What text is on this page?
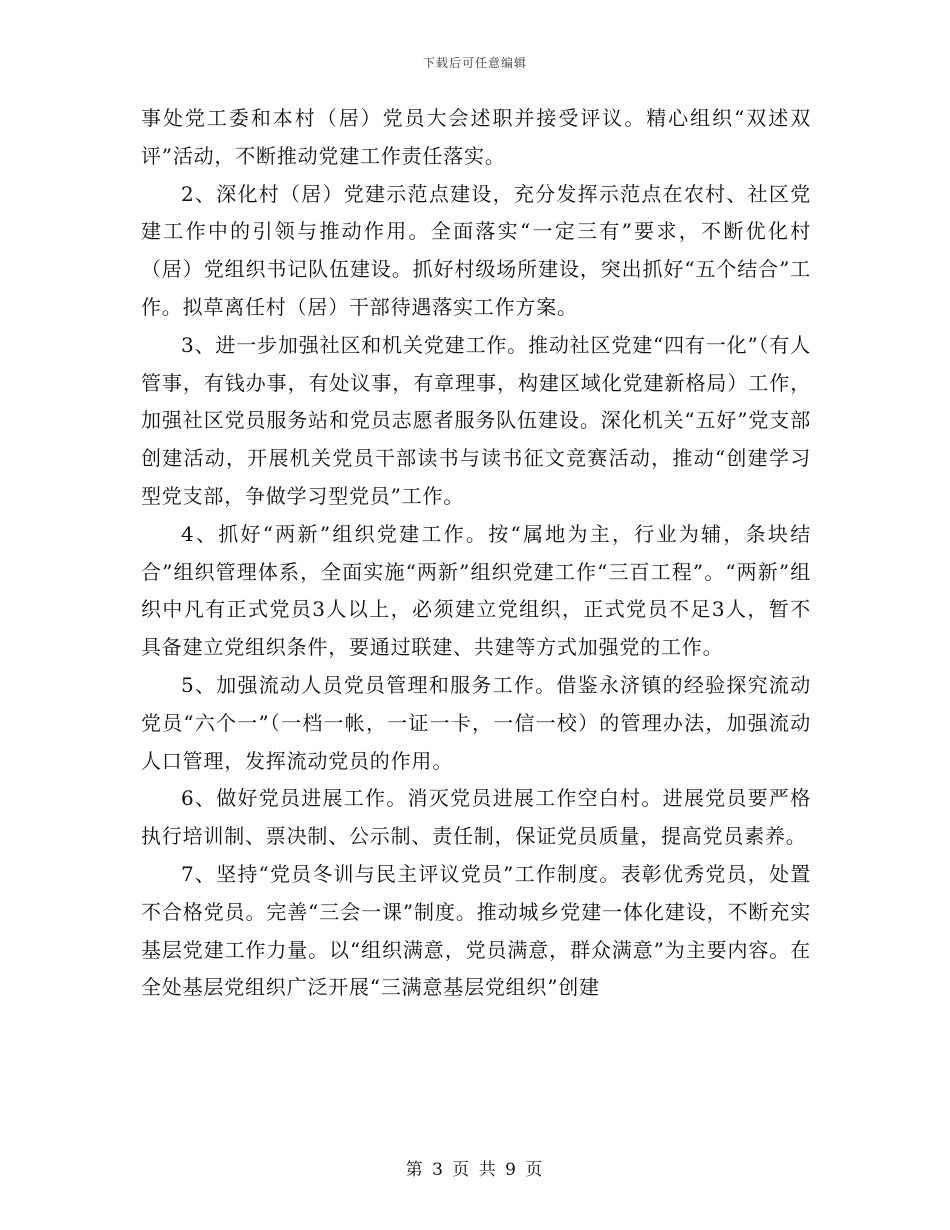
下载后可任意编辑

事处党工委和本村（居）党员大会述职并接受评议。精心组织“双述双评”活动，不断推动党建工作责任落实。

2、深化村（居）党建示范点建设，充分发挥示范点在农村、社区党建工作中的引领与推动作用。全面落实“一定三有”要求，不断优化村（居）党组织书记队伍建设。抓好村级场所建设，突出抓好“五个结合”工作。拟草离任村（居）干部待遇落实工作方案。

3、进一步加强社区和机关党建工作。推动社区党建“四有一化”（有人管事，有钱办事，有处议事，有章理事，构建区域化党建新格局）工作，加强社区党员服务站和党员志愿者服务队伍建设。深化机关“五好”党支部创建活动，开展机关党员干部读书与读书征文竞赛活动，推动“创建学习型党支部，争做学习型党员”工作。

4、抓好“两新”组织党建工作。按“属地为主，行业为辅，条块结合”组织管理体系，全面实施“两新”组织党建工作“三百工程”。“两新”组织中凡有正式党员3人以上，必须建立党组织，正式党员不足3人，暂不具备建立党组织条件，要通过联建、共建等方式加强党的工作。

5、加强流动人员党员管理和服务工作。借鉴永济镇的经验探究流动党员“六个一”（一档一帐，一证一卡，一信一校）的管理办法，加强流动人口管理，发挥流动党员的作用。

6、做好党员进展工作。消灭党员进展工作空白村。进展党员要严格执行培训制、票决制、公示制、责任制，保证党员质量，提高党员素养。

7、坚持“党员冬训与民主评议党员”工作制度。表彰优秀党员，处置不合格党员。完善“三会一课”制度。推动城乡党建一体化建设，不断充实基层党建工作力量。以“组织满意，党员满意，群众满意”为主要内容。在全处基层党组织广泛开展“三满意基层党组织”创建

第 3 页 共 9 页
